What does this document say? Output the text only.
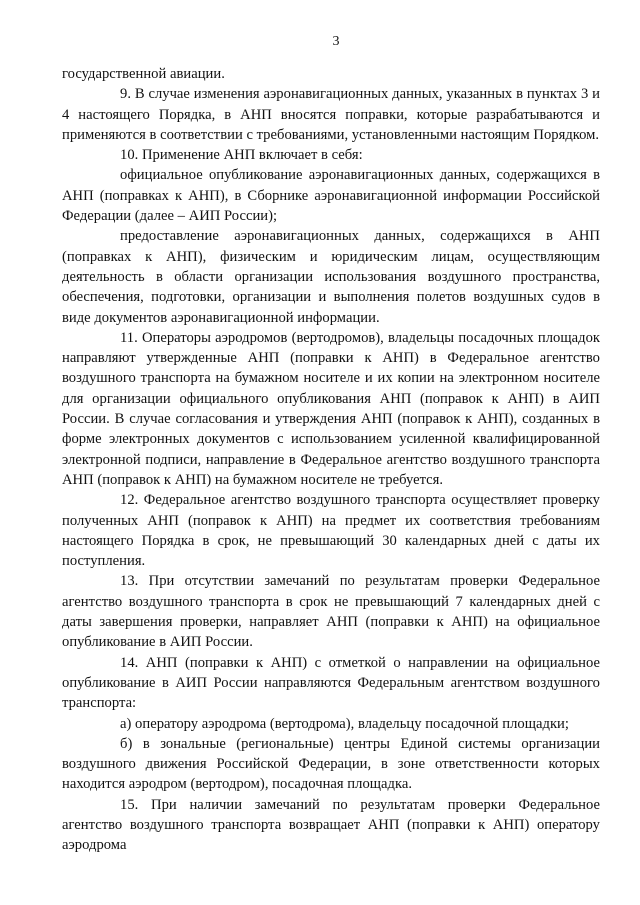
3

государственной авиации.

9. В случае изменения аэронавигационных данных, указанных в пунктах 3 и 4 настоящего Порядка, в АНП вносятся поправки, которые разрабатываются и применяются в соответствии с требованиями, установленными настоящим Порядком.

10. Применение АНП включает в себя:

официальное опубликование аэронавигационных данных, содержащихся в АНП (поправках к АНП), в Сборнике аэронавигационной информации Российской Федерации (далее – АИП России);

предоставление аэронавигационных данных, содержащихся в АНП (поправках к АНП), физическим и юридическим лицам, осуществляющим деятельность в области организации использования воздушного пространства, обеспечения, подготовки, организации и выполнения полетов воздушных судов в виде документов аэронавигационной информации.

11. Операторы аэродромов (вертодромов), владельцы посадочных площадок направляют утвержденные АНП (поправки к АНП) в Федеральное агентство воздушного транспорта на бумажном носителе и их копии на электронном носителе для организации официального опубликования АНП (поправок к АНП) в АИП России. В случае согласования и утверждения АНП (поправок к АНП), созданных в форме электронных документов с использованием усиленной квалифицированной электронной подписи, направление в Федеральное агентство воздушного транспорта АНП (поправок к АНП) на бумажном носителе не требуется.

12. Федеральное агентство воздушного транспорта осуществляет проверку полученных АНП (поправок к АНП) на предмет их соответствия требованиям настоящего Порядка в срок, не превышающий 30 календарных дней с даты их поступления.

13. При отсутствии замечаний по результатам проверки Федеральное агентство воздушного транспорта в срок не превышающий 7 календарных дней с даты завершения проверки, направляет АНП (поправки к АНП) на официальное опубликование в АИП России.

14. АНП (поправки к АНП) с отметкой о направлении на официальное опубликование в АИП России направляются Федеральным агентством воздушного транспорта:

а) оператору аэродрома (вертодрома), владельцу посадочной площадки;

б) в зональные (региональные) центры Единой системы организации воздушного движения Российской Федерации, в зоне ответственности которых находится аэродром (вертодром), посадочная площадка.

15. При наличии замечаний по результатам проверки Федеральное агентство воздушного транспорта возвращает АНП (поправки к АНП) оператору аэродрома
